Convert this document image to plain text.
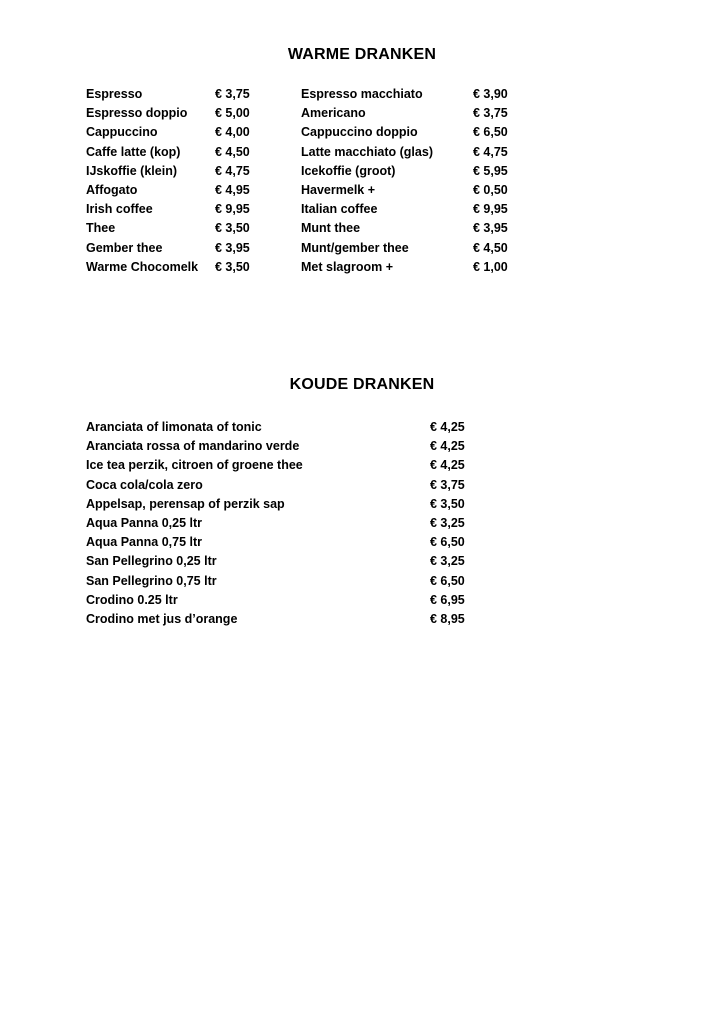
WARME DRANKEN
Espresso	€ 3,75
Espresso doppio € 5,00
Cappuccino	€ 4,00
Caffe latte (kop)	€ 4,50
IJskoffie (klein)	€ 4,75
Affogato	€ 4,95
Irish coffee	€ 9,95
Thee	€ 3,50
Gember thee	€ 3,95
Warme Chocomelk € 3,50
Espresso macchiato	€ 3,90
Americano	€ 3,75
Cappuccino doppio	€ 6,50
Latte macchiato (glas)	€ 4,75
Icekoffie (groot)	€ 5,95
Havermelk +	€ 0,50
Italian coffee	€ 9,95
Munt thee	€ 3,95
Munt/gember thee	€ 4,50
Met slagroom +	€ 1,00
KOUDE DRANKEN
Aranciata of limonata of tonic	€ 4,25
Aranciata rossa of mandarino verde	€ 4,25
Ice tea perzik, citroen of groene thee	€ 4,25
Coca cola/cola zero	€ 3,75
Appelsap, perensap of perzik sap	€ 3,50
Aqua Panna 0,25 ltr	€ 3,25
Aqua Panna 0,75 ltr	€ 6,50
San Pellegrino 0,25 ltr	€ 3,25
San Pellegrino 0,75 ltr	€ 6,50
Crodino 0.25 ltr	€ 6,95
Crodino met jus d’orange	€ 8,95
